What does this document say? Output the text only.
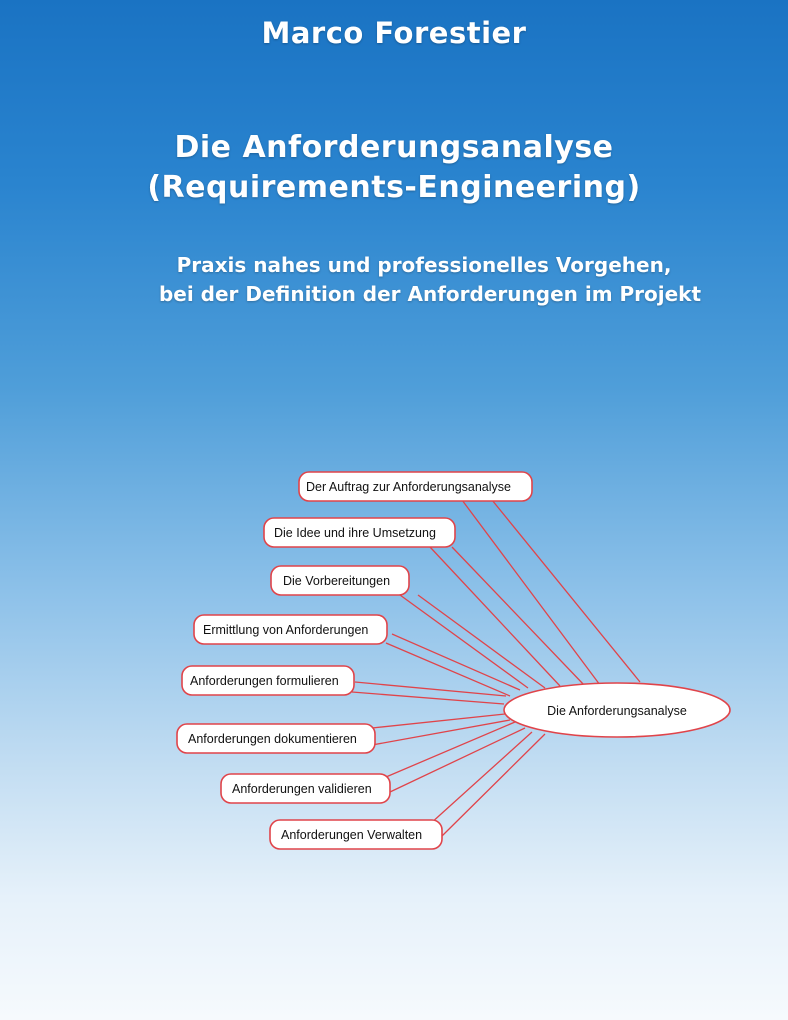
Marco Forestier
Die Anforderungsanalyse
(Requirements-Engineering)
Praxis nahes und professionelles Vorgehen,
bei der Definition der Anforderungen im Projekt
Die Anforderungsanalyse
Der Auftrag zur Anforderungsanalyse
Die Idee und ihre Umsetzung
Die Vorbereitungen
Ermittlung von Anforderungen
Anforderungen formulieren
Anforderungen dokumentieren
Anforderungen validieren
Anforderungen Verwalten
